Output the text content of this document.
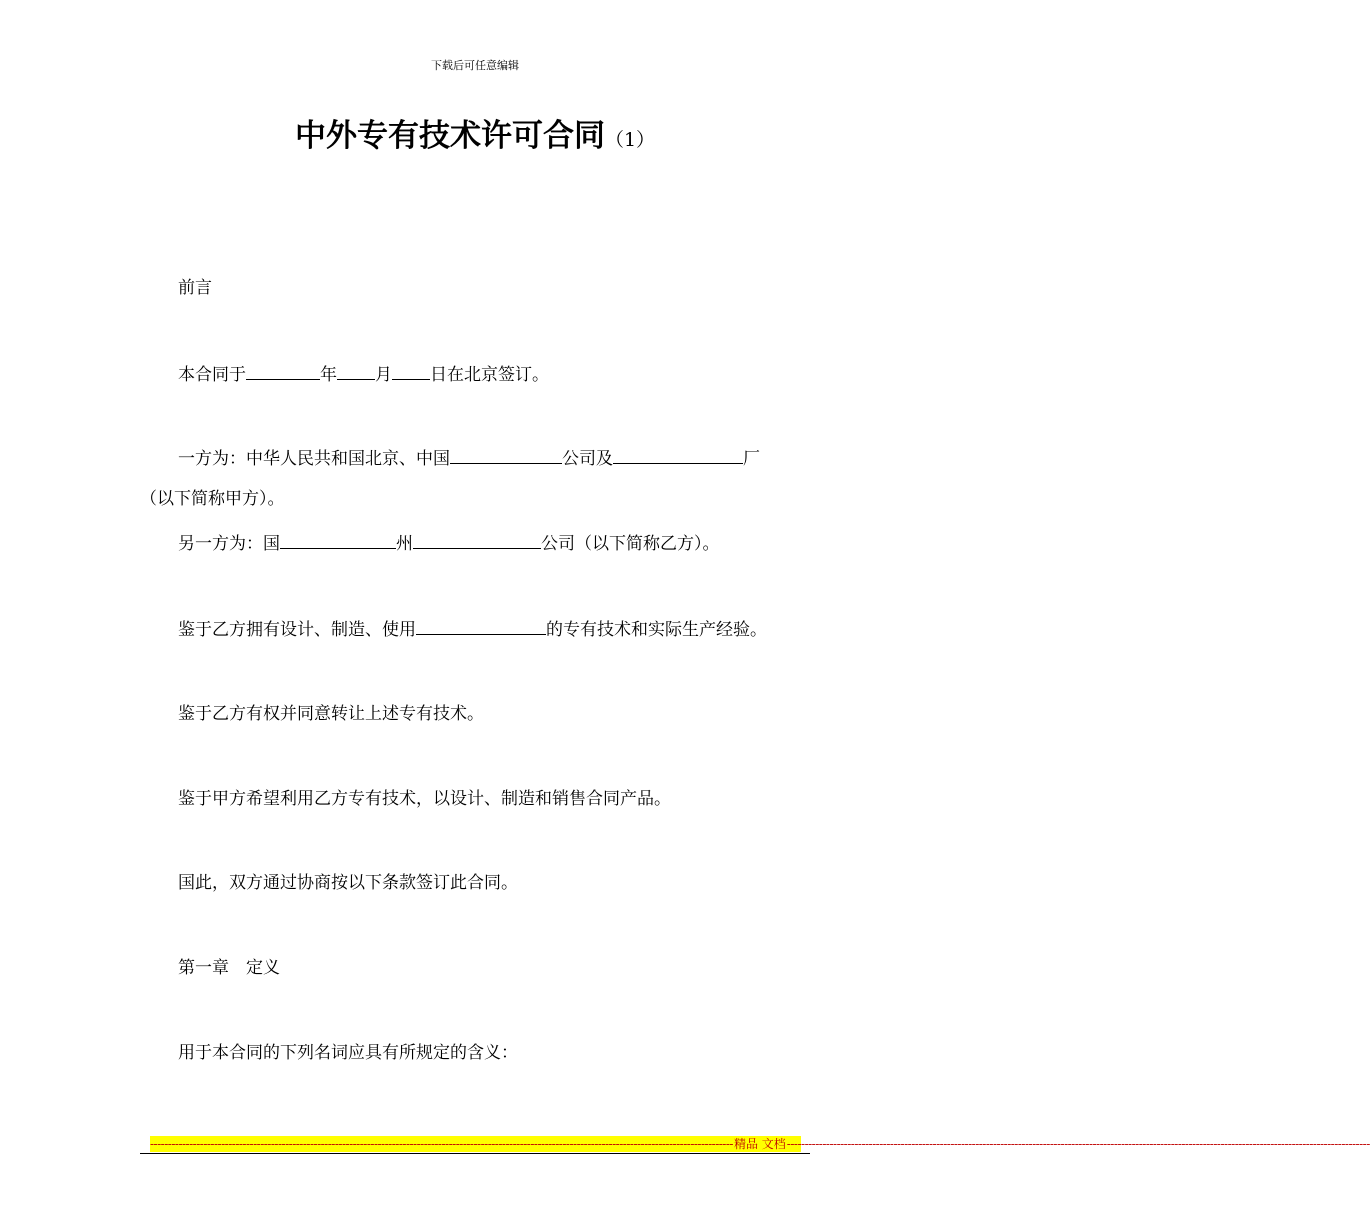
下载后可任意编辑
中外专有技术许可合同（1）
前言
本合同于	年 月 日在北京签订。
一方为：中华人民共和国北京、中国	公司及	厂
（以下简称甲方）。
另一方为：国	州	公司（以下简称乙方）。
鉴于乙方拥有设计、制造、使用	的专有技术和实际生产经验。
鉴于乙方有权并同意转让上述专有技术。
鉴于甲方希望利用乙方专有技术，以设计、制造和销售合同产品。
国此，双方通过协商按以下条款签订此合同。
第一章　定义
用于本合同的下列名词应具有所规定的含义：
-------------------------------------------------------------------------------------------------------------------------------------------------------------------- 精品 文档 --------------------------------------------------------------------------------------------------------------------------------------------------------------------
